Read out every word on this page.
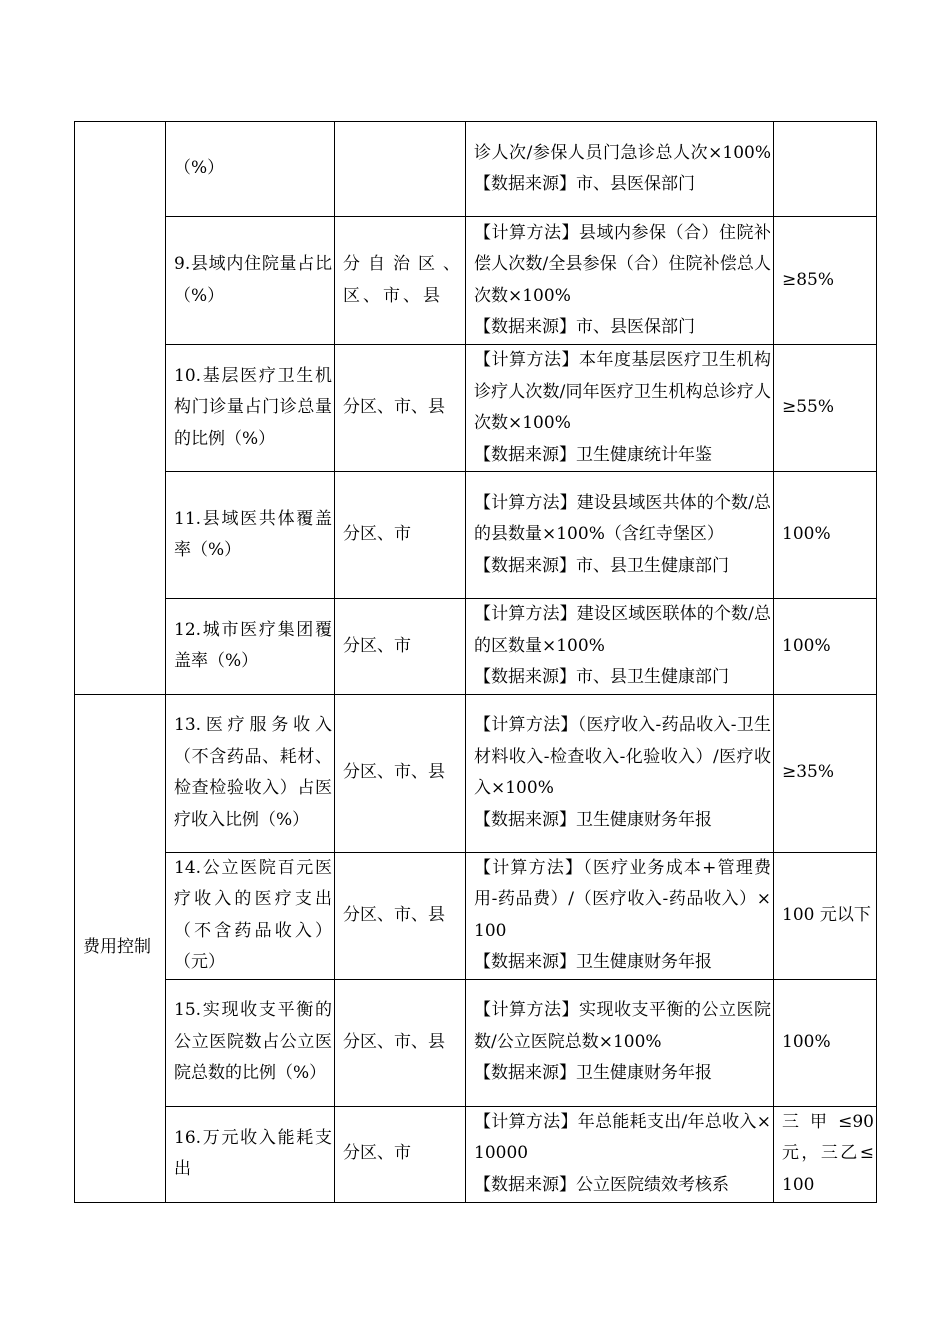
	（%）		诊人次/参保人员门急诊总人次×100%【数据来源】市、县医保部门	

	9.县域内住院量占比（%）	分自治区、区、市、县	【计算方法】县域内参保（合）住院补偿人次数/全县参保（合）住院补偿总人次数×100%
【数据来源】市、县医保部门	≥85%
	10.基层医疗卫生机构门诊量占门诊总量的比例（%）	分区、市、县	【计算方法】本年度基层医疗卫生机构诊疗人次数/同年医疗卫生机构总诊疗人次数×100%
【数据来源】卫生健康统计年鉴	≥55%
	11.县域医共体覆盖率（%）	分区、市	【计算方法】建设县域医共体的个数/总的县数量×100%（含红寺堡区）
【数据来源】市、县卫生健康部门	100%
	12.城市医疗集团覆盖率（%）	分区、市	【计算方法】建设区域医联体的个数/总的区数量×100%
【数据来源】市、县卫生健康部门	100%
费用控制	13.医疗服务收入（不含药品、耗材、检查检验收入）占医疗收入比例（%）	分区、市、县	【计算方法】（医疗收入-药品收入-卫生材料收入-检查收入-化验收入）/医疗收入×100%
【数据来源】卫生健康财务年报	≥35%
	14.公立医院百元医疗收入的医疗支出（不含药品收入）（元）	分区、市、县	【计算方法】（医疗业务成本+管理费用-药品费）/（医疗收入-药品收入）×100
【数据来源】卫生健康财务年报	100 元以下
	15.实现收支平衡的公立医院数占公立医院总数的比例（%）	分区、市、县	【计算方法】实现收支平衡的公立医院数/公立医院总数×100%
【数据来源】卫生健康财务年报	100%
	16.万元收入能耗支出	分区、市	【计算方法】年总能耗支出/年总收入×10000
【数据来源】公立医院绩效考核系	三甲≤90元，三乙≤　　100
